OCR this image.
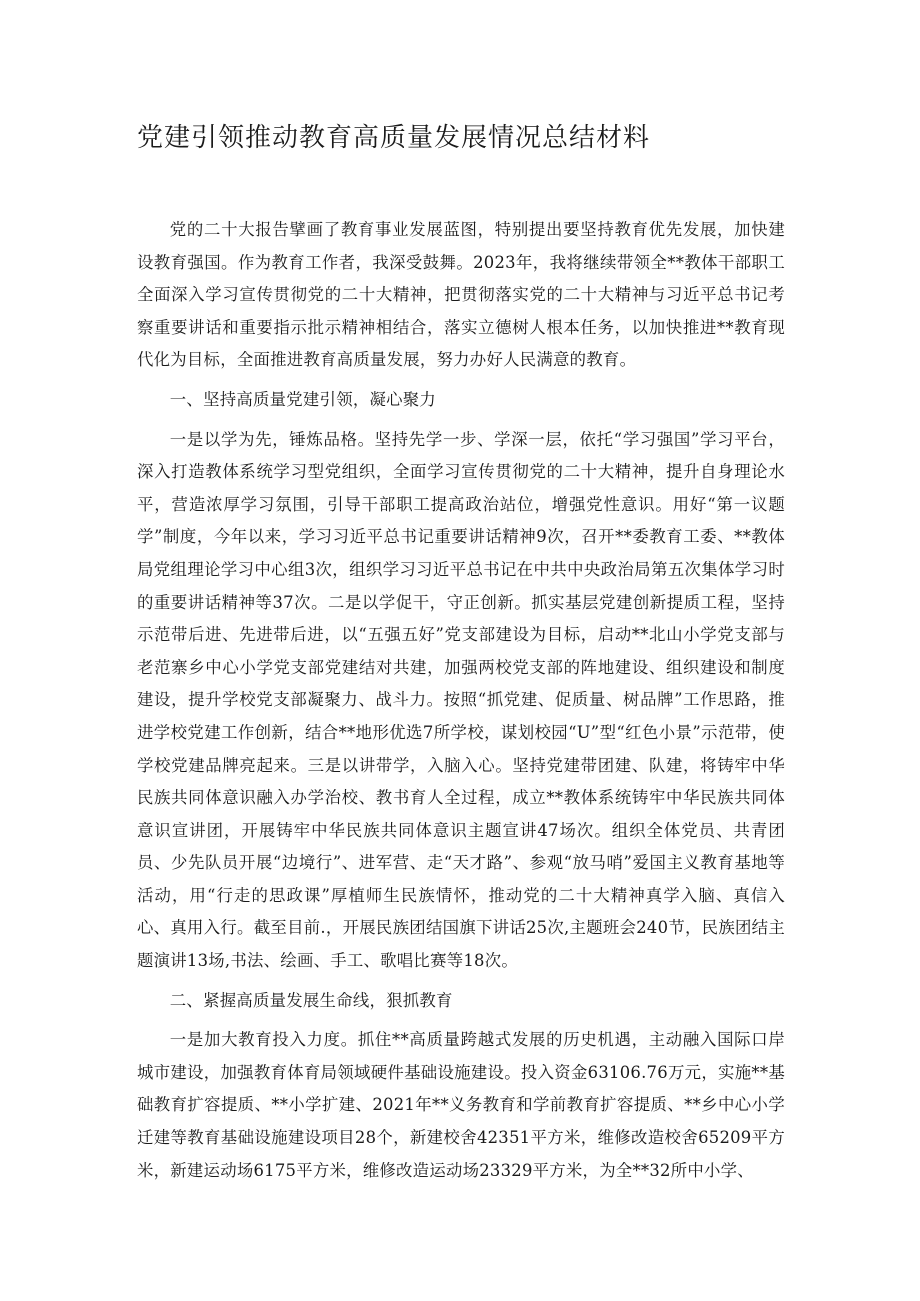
党建引领推动教育高质量发展情况总结材料

党的二十大报告擘画了教育事业发展蓝图，特别提出要坚持教育优先发展，加快建设教育强国。作为教育工作者，我深受鼓舞。2023年，我将继续带领全**教体干部职工全面深入学习宣传贯彻党的二十大精神，把贯彻落实党的二十大精神与习近平总书记考察重要讲话和重要指示批示精神相结合，落实立德树人根本任务，以加快推进**教育现代化为目标，全面推进教育高质量发展，努力办好人民满意的教育。

一、坚持高质量党建引领，凝心聚力

一是以学为先，锤炼品格。坚持先学一步、学深一层，依托“学习强国”学习平台，深入打造教体系统学习型党组织，全面学习宣传贯彻党的二十大精神，提升自身理论水平，营造浓厚学习氛围，引导干部职工提高政治站位，增强党性意识。用好“第一议题学”制度，今年以来，学习习近平总书记重要讲话精神9次，召开**委教育工委、**教体局党组理论学习中心组3次，组织学习习近平总书记在中共中央政治局第五次集体学习时的重要讲话精神等37次。二是以学促干，守正创新。抓实基层党建创新提质工程，坚持示范带后进、先进带后进，以“五强五好”党支部建设为目标，启动**北山小学党支部与老范寨乡中心小学党支部党建结对共建，加强两校党支部的阵地建设、组织建设和制度建设，提升学校党支部凝聚力、战斗力。按照“抓党建、促质量、树品牌”工作思路，推进学校党建工作创新，结合**地形优选7所学校，谋划校园“U”型“红色小景”示范带，使学校党建品牌亮起来。三是以讲带学，入脑入心。坚持党建带团建、队建，将铸牢中华民族共同体意识融入办学治校、教书育人全过程，成立**教体系统铸牢中华民族共同体意识宣讲团，开展铸牢中华民族共同体意识主题宣讲47场次。组织全体党员、共青团员、少先队员开展“边境行”、进军营、走“天才路”、参观“放马哨”爱国主义教育基地等活动，用“行走的思政课”厚植师生民族情怀，推动党的二十大精神真学入脑、真信入心、真用入行。截至目前.，开展民族团结国旗下讲话25次,主题班会240节，民族团结主题演讲13场,书法、绘画、手工、歌唱比赛等18次。

二、紧握高质量发展生命线，狠抓教育

一是加大教育投入力度。抓住**高质量跨越式发展的历史机遇，主动融入国际口岸城市建设，加强教育体育局领域硬件基础设施建设。投入资金63106.76万元，实施**基础教育扩容提质、**小学扩建、2021年**义务教育和学前教育扩容提质、**乡中心小学迁建等教育基础设施建设项目28个，新建校舍42351平方米，维修改造校舍65209平方米，新建运动场6175平方米，维修改造运动场23329平方米，为全**32所中小学、
